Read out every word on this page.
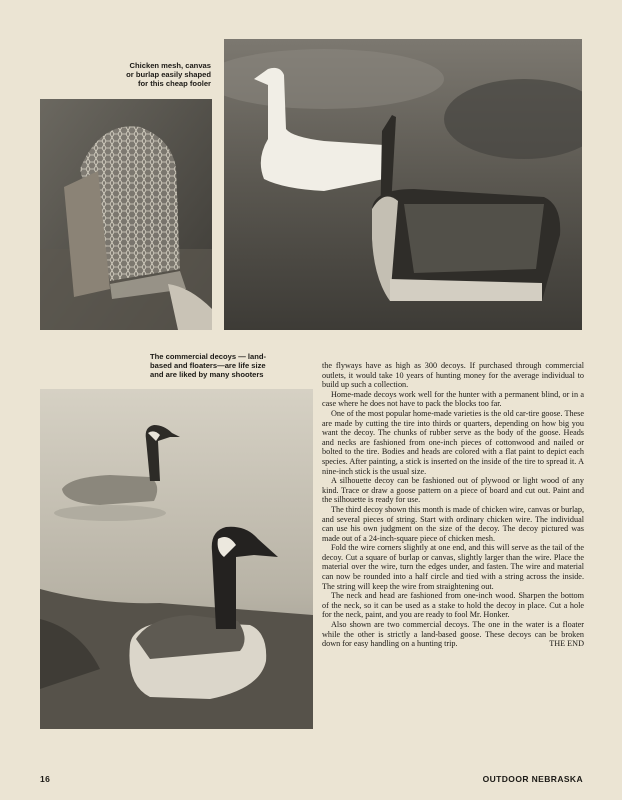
Chicken mesh, canvas
or burlap easily shaped
for this cheap fooler
The commercial decoys — land-
based and floaters—are life size
and are liked by many shooters

the flyways have as high as 300 decoys. If purchased through commercial outlets, it would take 10 years of hunting money for the average individual to build up such a collection.

Home-made decoys work well for the hunter with a permanent blind, or in a case where he does not have to pack the blocks too far.

One of the most popular home-made varieties is the old car-tire goose. These are made by cutting the tire into thirds or quarters, depending on how big you want the decoy. The chunks of rubber serve as the body of the goose. Heads and necks are fashioned from one-inch pieces of cottonwood and nailed or bolted to the tire. Bodies and heads are colored with a flat paint to depict each species. After painting, a stick is inserted on the inside of the tire to spread it. A nine-inch stick is the usual size.

A silhouette decoy can be fashioned out of plywood or light wood of any kind. Trace or draw a goose pattern on a piece of board and cut out. Paint and the silhouette is ready for use.

The third decoy shown this month is made of chicken wire, canvas or burlap, and several pieces of string. Start with ordinary chicken wire. The individual can use his own judgment on the size of the decoy. The decoy pictured was made out of a 24-inch-square piece of chicken mesh.

Fold the wire corners slightly at one end, and this will serve as the tail of the decoy. Cut a square of burlap or canvas, slightly larger than the wire. Place the material over the wire, turn the edges under, and fasten. The wire and material can now be rounded into a half circle and tied with a string across the inside. The string will keep the wire from straightening out.

The neck and head are fashioned from one-inch wood. Sharpen the bottom of the neck, so it can be used as a stake to hold the decoy in place. Cut a hole for the neck, paint, and you are ready to fool Mr. Honker.

Also shown are two commercial decoys. The one in the water is a floater while the other is strictly a land-based goose. These decoys can be broken down for easy handling on a hunting trip.	THE END

16	OUTDOOR NEBRASKA
